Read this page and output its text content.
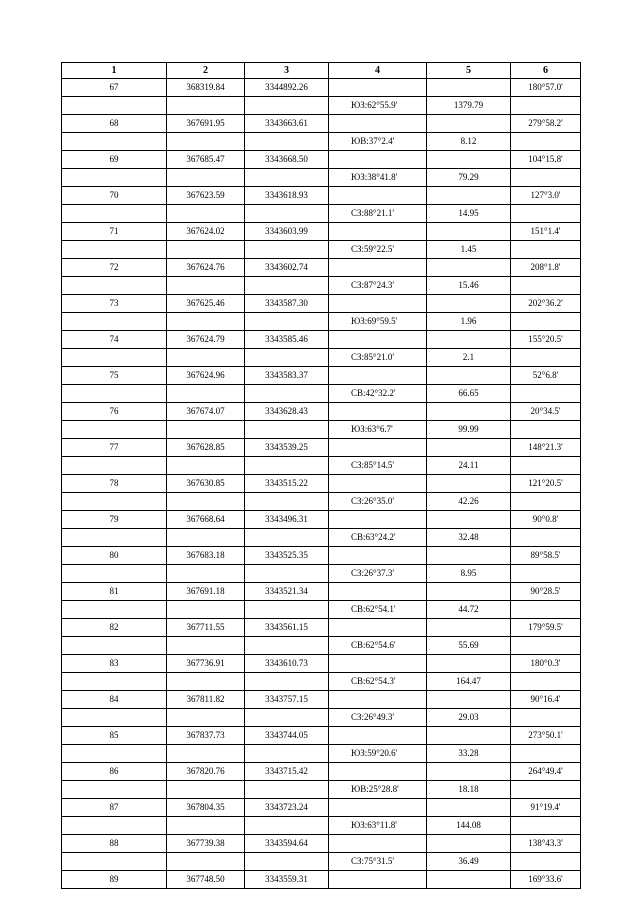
1	2	3	4	5	6
67	368319.84	3344892.26			180°57.0'
			ЮЗ:62°55.9'	1379.79	
68	367691.95	3343663.61			279°58.2'
			ЮВ:37°2.4'	8.12	
69	367685.47	3343668.50			104°15.8'
			ЮЗ:38°41.8'	79.29	
70	367623.59	3343618.93			127°3.0'
			СЗ:88°21.1'	14.95	
71	367624.02	3343603.99			151°1.4'
			СЗ:59°22.5'	1.45	
72	367624.76	3343602.74			208°1.8'
			СЗ:87°24.3'	15.46	
73	367625.46	3343587.30			202°36.2'
			ЮЗ:69°59.5'	1.96	
74	367624.79	3343585.46			155°20.5'
			СЗ:85°21.0'	2.1	
75	367624.96	3343583.37			52°6.8'
			СВ:42°32.2'	66.65	
76	367674.07	3343628.43			20°34.5'
			ЮЗ:63°6.7'	99.99	
77	367628.85	3343539.25			148°21.3'
			СЗ:85°14.5'	24.11	
78	367630.85	3343515.22			121°20.5'
			СЗ:26°35.0'	42.26	
79	367668.64	3343496.31			90°0.8'
			СВ:63°24.2'	32.48	
80	367683.18	3343525.35			89°58.5'
			СЗ:26°37.3'	8.95	
81	367691.18	3343521.34			90°28.5'
			СВ:62°54.1'	44.72	
82	367711.55	3343561.15			179°59.5'
			СВ:62°54.6'	55.69	
83	367736.91	3343610.73			180°0.3'
			СВ:62°54.3'	164.47	
84	367811.82	3343757.15			90°16.4'
			СЗ:26°49.3'	29.03	
85	367837.73	3343744.05			273°50.1'
			ЮЗ:59°20.6'	33.28	
86	367820.76	3343715.42			264°49.4'
			ЮВ:25°28.8'	18.18	
87	367804.35	3343723.24			91°19.4'
			ЮЗ:63°11.8'	144.08	
88	367739.38	3343594.64			138°43.3'
			СЗ:75°31.5'	36.49	
89	367748.50	3343559.31			169°33.6'
